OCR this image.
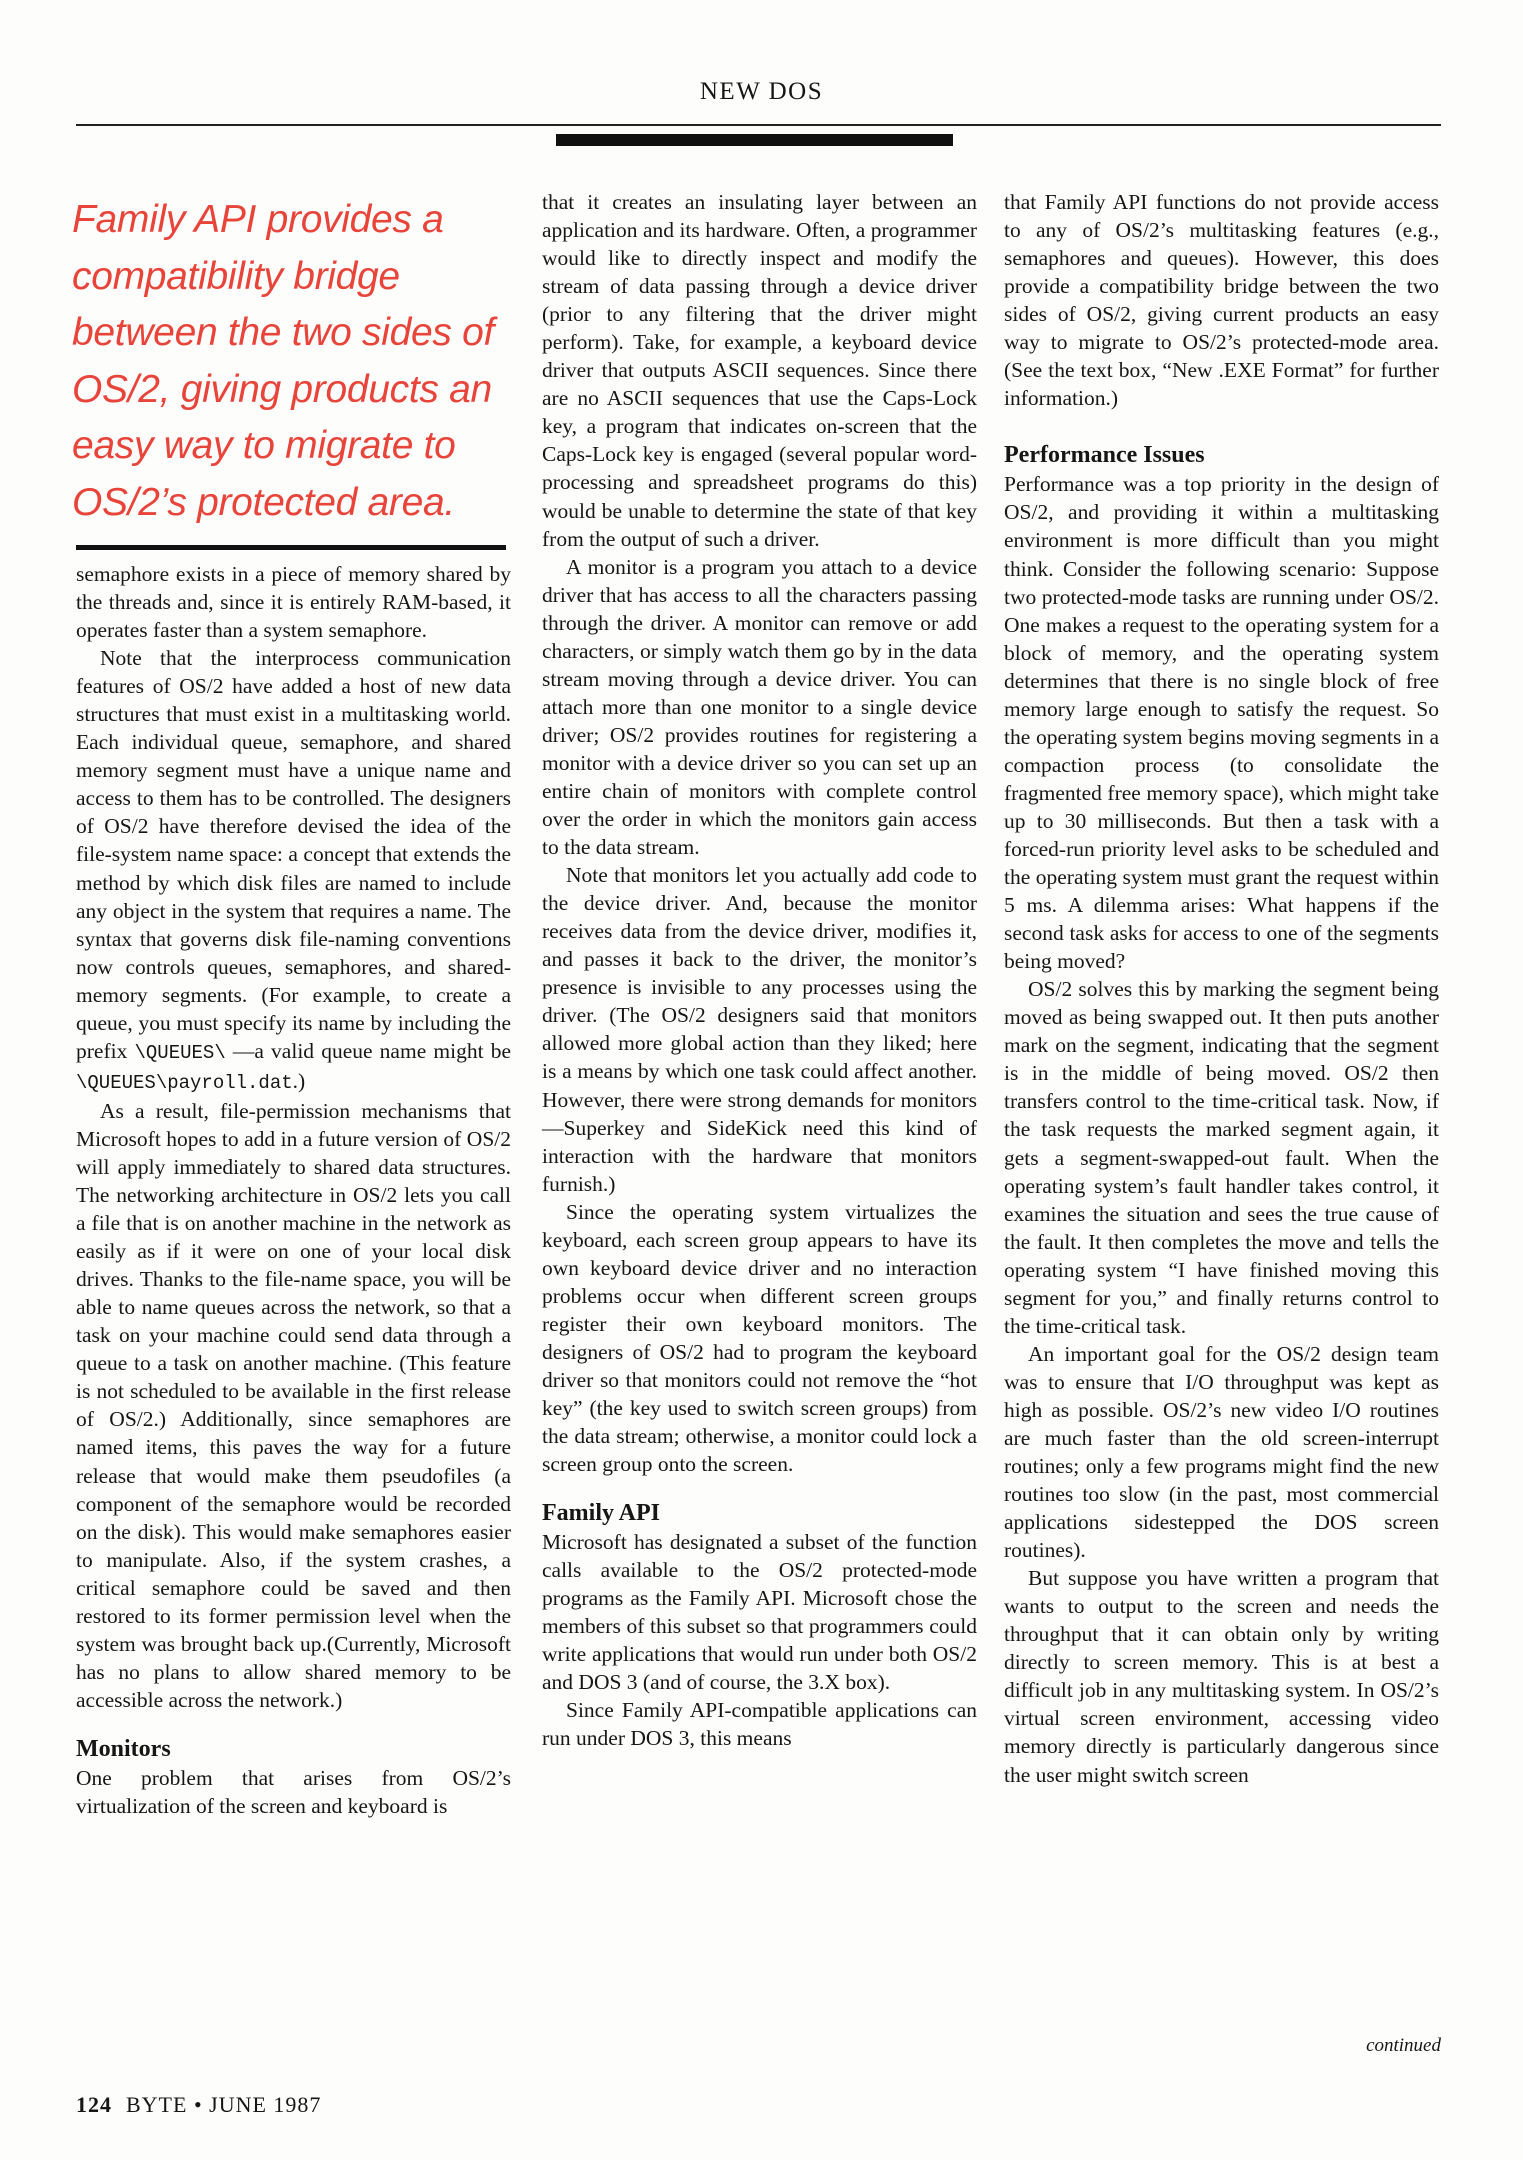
NEW DOS
Family API provides a compatibility bridge between the two sides of OS/2, giving products an easy way to migrate to OS/2’s protected area.

semaphore exists in a piece of memory shared by the threads and, since it is entirely RAM-based, it operates faster than a system semaphore.

Note that the interprocess communication features of OS/2 have added a host of new data structures that must exist in a multitasking world. Each individual queue, semaphore, and shared memory segment must have a unique name and access to them has to be controlled. The designers of OS/2 have therefore devised the idea of the file-system name space: a concept that extends the method by which disk files are named to include any object in the system that requires a name. The syntax that governs disk file-naming conventions now controls queues, semaphores, and shared-memory segments. (For example, to create a queue, you must specify its name by including the prefix \QUEUES\ —a valid queue name might be \QUEUES\payroll.dat.)

As a result, file-permission mechanisms that Microsoft hopes to add in a future version of OS/2 will apply immediately to shared data structures. The networking architecture in OS/2 lets you call a file that is on another machine in the network as easily as if it were on one of your local disk drives. Thanks to the file-name space, you will be able to name queues across the network, so that a task on your machine could send data through a queue to a task on another machine. (This feature is not scheduled to be available in the first release of OS/2.) Additionally, since semaphores are named items, this paves the way for a future release that would make them pseudofiles (a component of the semaphore would be recorded on the disk). This would make semaphores easier to manipulate. Also, if the system crashes, a critical semaphore could be saved and then restored to its former permission level when the system was brought back up.(Currently, Microsoft has no plans to allow shared memory to be accessible across the network.)

Monitors

One problem that arises from OS/2’s virtualization of the screen and keyboard is

that it creates an insulating layer between an application and its hardware. Often, a programmer would like to directly inspect and modify the stream of data passing through a device driver (prior to any filtering that the driver might perform). Take, for example, a keyboard device driver that outputs ASCII sequences. Since there are no ASCII sequences that use the Caps-Lock key, a program that indicates on-screen that the Caps-Lock key is engaged (several popular word-processing and spreadsheet programs do this) would be unable to determine the state of that key from the output of such a driver.

A monitor is a program you attach to a device driver that has access to all the characters passing through the driver. A monitor can remove or add characters, or simply watch them go by in the data stream moving through a device driver. You can attach more than one monitor to a single device driver; OS/2 provides routines for registering a monitor with a device driver so you can set up an entire chain of monitors with complete control over the order in which the monitors gain access to the data stream.

Note that monitors let you actually add code to the device driver. And, because the monitor receives data from the device driver, modifies it, and passes it back to the driver, the monitor’s presence is invisible to any processes using the driver. (The OS/2 designers said that monitors allowed more global action than they liked; here is a means by which one task could affect another. However, there were strong demands for monitors—Superkey and SideKick need this kind of interaction with the hardware that monitors furnish.)

Since the operating system virtualizes the keyboard, each screen group appears to have its own keyboard device driver and no interaction problems occur when different screen groups register their own keyboard monitors. The designers of OS/2 had to program the keyboard driver so that monitors could not remove the “hot key” (the key used to switch screen groups) from the data stream; otherwise, a monitor could lock a screen group onto the screen.

Family API

Microsoft has designated a subset of the function calls available to the OS/2 protected-mode programs as the Family API. Microsoft chose the members of this subset so that programmers could write applications that would run under both OS/2 and DOS 3 (and of course, the 3.X box).

Since Family API-compatible applications can run under DOS 3, this means

that Family API functions do not provide access to any of OS/2’s multitasking features (e.g., semaphores and queues). However, this does provide a compatibility bridge between the two sides of OS/2, giving current products an easy way to migrate to OS/2’s protected-mode area. (See the text box, “New .EXE Format” for further information.)

Performance Issues

Performance was a top priority in the design of OS/2, and providing it within a multitasking environment is more difficult than you might think. Consider the following scenario: Suppose two protected-mode tasks are running under OS/2. One makes a request to the operating system for a block of memory, and the operating system determines that there is no single block of free memory large enough to satisfy the request. So the operating system begins moving segments in a compaction process (to consolidate the fragmented free memory space), which might take up to 30 milliseconds. But then a task with a forced-run priority level asks to be scheduled and the operating system must grant the request within 5 ms. A dilemma arises: What happens if the second task asks for access to one of the segments being moved?

OS/2 solves this by marking the segment being moved as being swapped out. It then puts another mark on the segment, indicating that the segment is in the middle of being moved. OS/2 then transfers control to the time-critical task. Now, if the task requests the marked segment again, it gets a segment-swapped-out fault. When the operating system’s fault handler takes control, it examines the situation and sees the true cause of the fault. It then completes the move and tells the operating system “I have finished moving this segment for you,” and finally returns control to the time-critical task.

An important goal for the OS/2 design team was to ensure that I/O throughput was kept as high as possible. OS/2’s new video I/O routines are much faster than the old screen-interrupt routines; only a few programs might find the new routines too slow (in the past, most commercial applications sidestepped the DOS screen routines).

But suppose you have written a program that wants to output to the screen and needs the throughput that it can obtain only by writing directly to screen memory. This is at best a difficult job in any multitasking system. In OS/2’s virtual screen environment, accessing video memory directly is particularly dangerous since the user might switch screen

continued
124 BYTE • JUNE 1987
